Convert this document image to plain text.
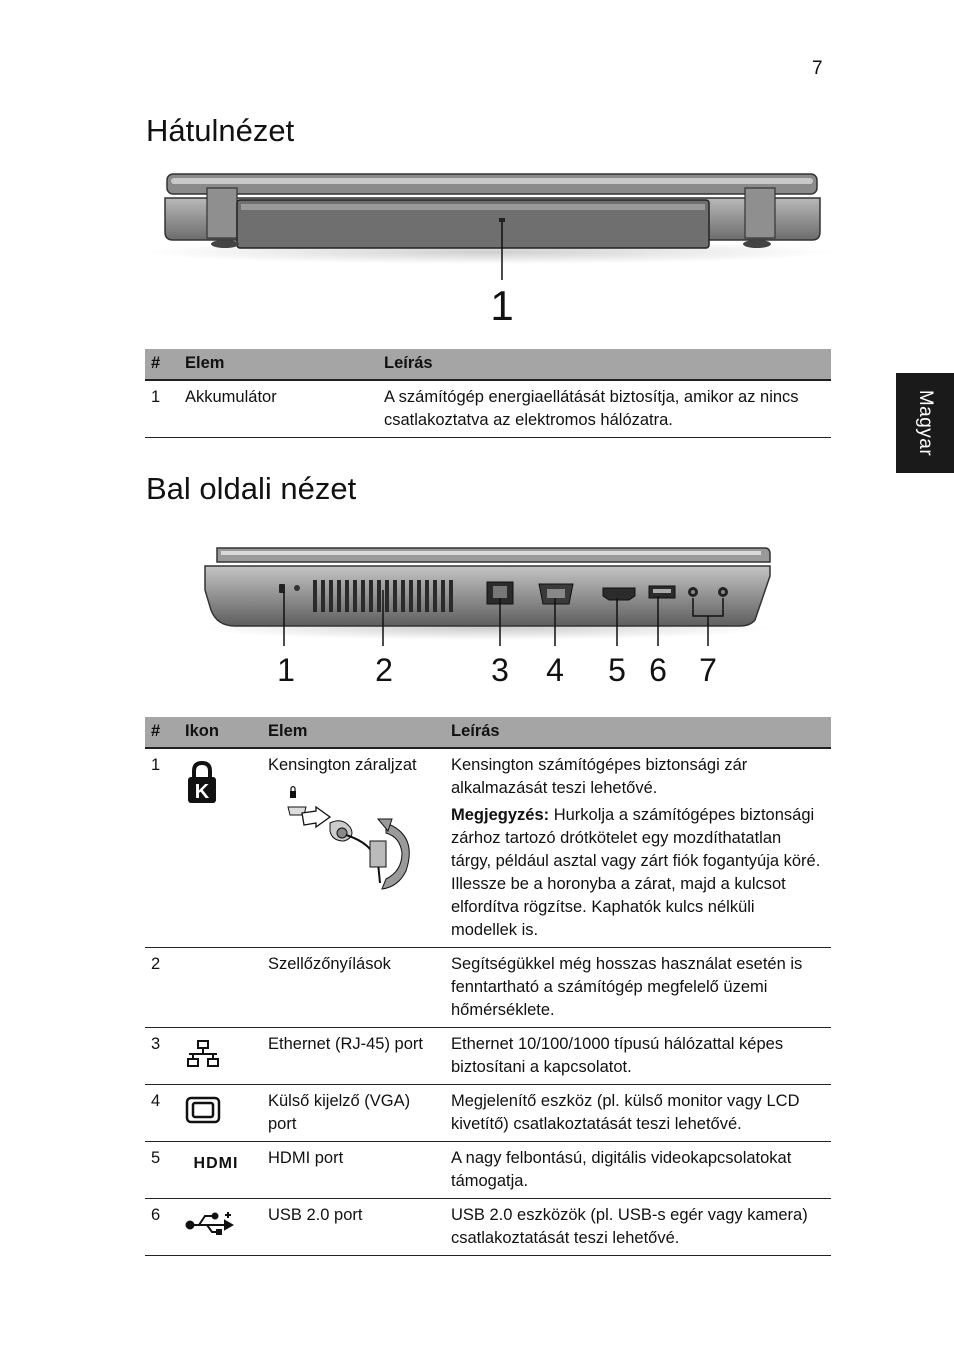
7
Magyar
Hátulnézet
1
#	Elem	Leírás
1	Akkumulátor	A számítógép energiaellátását biztosítja, amikor az nincs csatlakoztatva az elektromos hálózatra.
Bal oldali nézet
1	2	3 4 5 6 7
#	Ikon	Elem	Leírás
1	K	Kensington záraljzat	Kensington számítógépes biztonsági zár alkalmazását teszi lehetővé.

Megjegyzés: Hurkolja a számítógépes biztonsági zárhoz tartozó drótkötelet egy mozdíthatatlan tárgy, például asztal vagy zárt fiók fogantyúja köré. Illessze be a horonyba a zárat, majd a kulcsot elfordítva rögzítse. Kaphatók kulcs nélküli modellek is.

2		Szellőzőnyílások	Segítségükkel még hosszas használat esetén is fenntartható a számítógép megfelelő üzemi hőmérséklete.
3		Ethernet (RJ-45) port	Ethernet 10/100/1000 típusú hálózattal képes biztosítani a kapcsolatot.
4		Külső kijelző (VGA) port	Megjelenítő eszköz (pl. külső monitor vagy LCD kivetítő) csatlakoztatását teszi lehetővé.
5	HDMI	HDMI port	A nagy felbontású, digitális videokapcsolatokat támogatja.
6		USB 2.0 port	USB 2.0 eszközök (pl. USB-s egér vagy kamera) csatlakoztatását teszi lehetővé.
